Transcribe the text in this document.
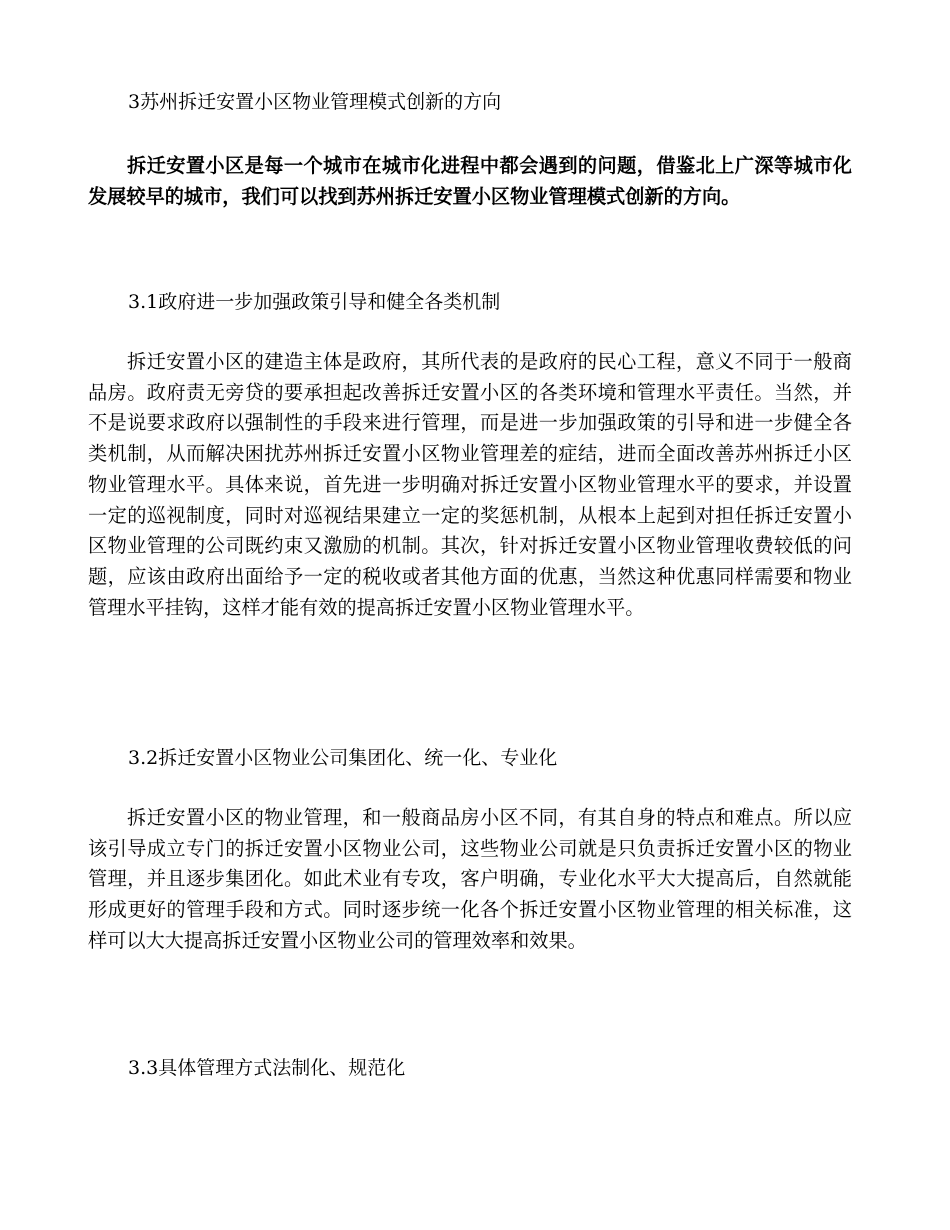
3苏州拆迁安置小区物业管理模式创新的方向
拆迁安置小区是每一个城市在城市化进程中都会遇到的问题，借鉴北上广深等城市化发展较早的城市，我们可以找到苏州拆迁安置小区物业管理模式创新的方向。
3.1政府进一步加强政策引导和健全各类机制
拆迁安置小区的建造主体是政府，其所代表的是政府的民心工程，意义不同于一般商品房。政府责无旁贷的要承担起改善拆迁安置小区的各类环境和管理水平责任。当然，并不是说要求政府以强制性的手段来进行管理，而是进一步加强政策的引导和进一步健全各类机制，从而解决困扰苏州拆迁安置小区物业管理差的症结，进而全面改善苏州拆迁小区物业管理水平。具体来说，首先进一步明确对拆迁安置小区物业管理水平的要求，并设置一定的巡视制度，同时对巡视结果建立一定的奖惩机制，从根本上起到对担任拆迁安置小区物业管理的公司既约束又激励的机制。其次，针对拆迁安置小区物业管理收费较低的问题，应该由政府出面给予一定的税收或者其他方面的优惠，当然这种优惠同样需要和物业管理水平挂钩，这样才能有效的提高拆迁安置小区物业管理水平。
3.2拆迁安置小区物业公司集团化、统一化、专业化
拆迁安置小区的物业管理，和一般商品房小区不同，有其自身的特点和难点。所以应该引导成立专门的拆迁安置小区物业公司，这些物业公司就是只负责拆迁安置小区的物业管理，并且逐步集团化。如此术业有专攻，客户明确，专业化水平大大提高后，自然就能形成更好的管理手段和方式。同时逐步统一化各个拆迁安置小区物业管理的相关标准，这样可以大大提高拆迁安置小区物业公司的管理效率和效果。
3.3具体管理方式法制化、规范化
